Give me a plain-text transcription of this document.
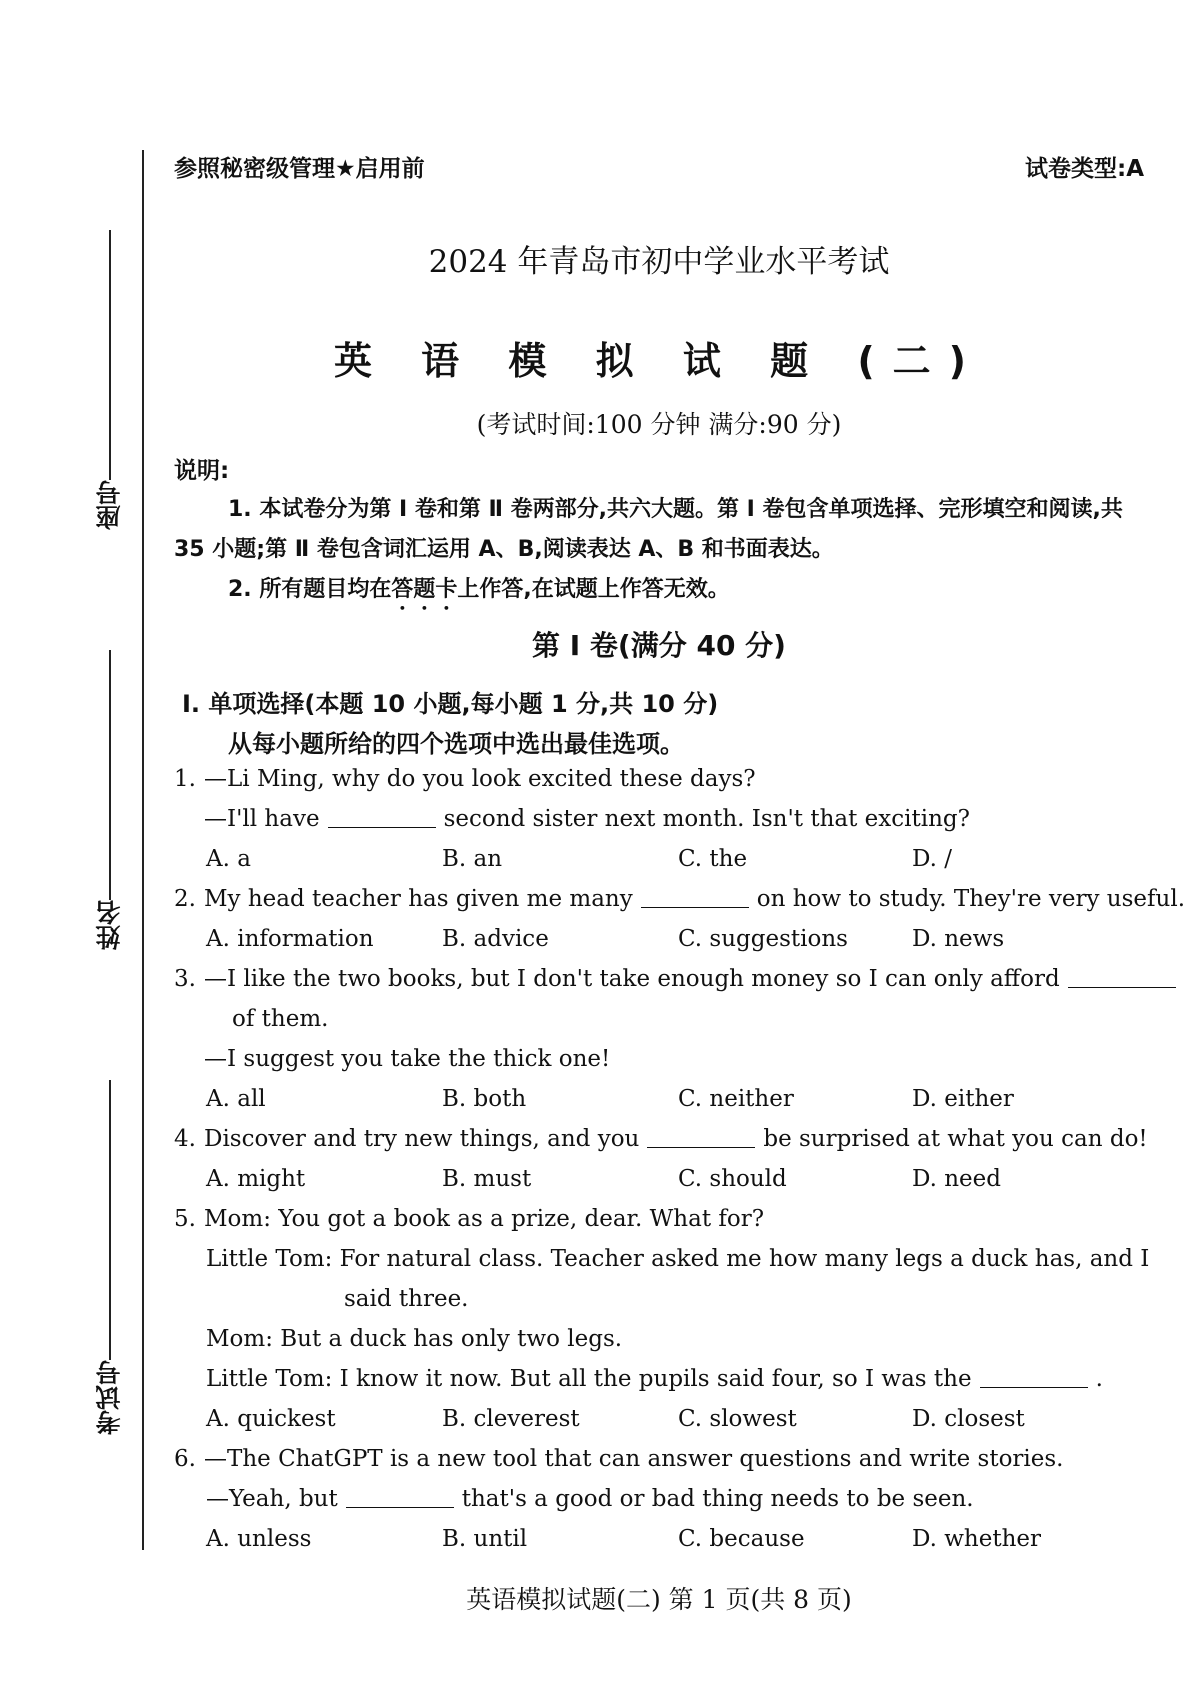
座号
姓名
考试号
参照秘密级管理★启用前	试卷类型:A
2024 年青岛市初中学业水平考试
英 语 模 拟 试 题 (二)
(考试时间:100 分钟 满分:90 分)
说明:
1. 本试卷分为第 Ⅰ 卷和第 Ⅱ 卷两部分,共六大题。第 Ⅰ 卷包含单项选择、完形填空和阅读,共 35 小题;第 Ⅱ 卷包含词汇运用 A、B,阅读表达 A、B 和书面表达。
2. 所有题目均在答题卡上作答,在试题上作答无效。
第 Ⅰ 卷(满分 40 分)
Ⅰ. 单项选择(本题 10 小题,每小题 1 分,共 10 分)
从每小题所给的四个选项中选出最佳选项。
1. —Li Ming, why do you look excited these days?
—I'll have	second sister next month. Isn't that exciting?
A. a	B. an	C. the	D. /
2. My head teacher has given me many	on how to study. They're very useful.
A. information	B. advice	C. suggestions	D. news
3. —I like the two books, but I don't take enough money so I can only afford
of them.
—I suggest you take the thick one!
A. all	B. both	C. neither	D. either
4. Discover and try new things, and you	be surprised at what you can do!
A. might	B. must	C. should	D. need
5. Mom: You got a book as a prize, dear. What for?
Little Tom: For natural class. Teacher asked me how many legs a duck has, and I
said three.
Mom: But a duck has only two legs.
Little Tom: I know it now. But all the pupils said four, so I was the	.
A. quickest	B. cleverest	C. slowest	D. closest
6. —The ChatGPT is a new tool that can answer questions and write stories.
—Yeah, but	that's a good or bad thing needs to be seen.
A. unless	B. until	C. because	D. whether
英语模拟试题(二) 第 1 页(共 8 页)
